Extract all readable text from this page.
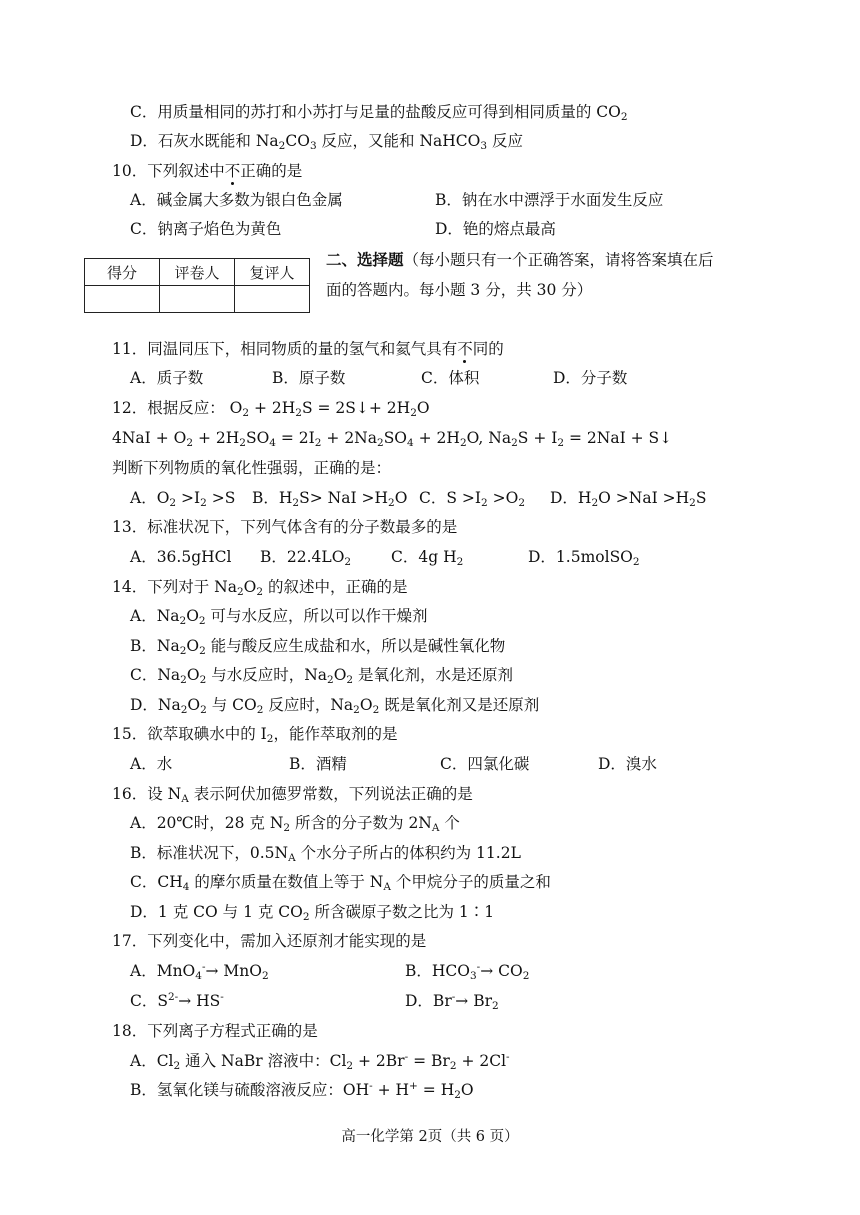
C．用质量相同的苏打和小苏打与足量的盐酸反应可得到相同质量的 $CO_2$
D．石灰水既能和 $Na_2CO_3$ 反应，又能和 NaHCO$_3$ 反应
10．下列叙述中不正确的是
A．碱金属大多数为银白色金属	B．钠在水中漂浮于水面发生反应
C．钠离子焰色为黄色	D．铯的熔点最高
得分	评卷人	复评人

二、选择题（每小题只有一个正确答案，请将答案填在后
面的答题内。每小题 3 分，共 30 分）
11．同温同压下，相同物质的量的氢气和氦气具有不同的
A．质子数	B．原子数	C．体积	D．分子数
12．根据反应： $O_2 + 2H_2S$ = 2S↓+ $2H_2O$
$4NaI + O_2 + 2H_2SO_4 = 2I_2 + 2Na_2SO_4 + 2H_2O$, $Na_2S + I_2 = 2NaI$ + S↓
判断下列物质的氧化性强弱，正确的是：
A．$O_2 >I_2 >S$ B．$H_2S>$ NaI $>H_2O$ C．$S >I_2 >O_2$ D．$H_2O >NaI >H_2S$
13．标准状况下，下列气体含有的分子数最多的是
A．36.5gHCl B．$22.4LO_2$	C．4g $H_2$	D．1.5molSO$_2$
14．下列对于 $Na_2O_2$ 的叙述中，正确的是
A．$Na_2O_2$ 可与水反应，所以可以作干燥剂
B．$Na_2O_2$ 能与酸反应生成盐和水，所以是碱性氧化物
C．$Na_2O_2$ 与水反应时，$Na_2O_2$ 是氧化剂，水是还原剂
D．$Na_2O_2$ 与 $CO_2$ 反应时，$Na_2O_2$ 既是氧化剂又是还原剂
15．欲萃取碘水中的 $I_2$，能作萃取剂的是
A．水	B．酒精	C．四氯化碳	D．溴水
16．设 $N_A$ 表示阿伏加德罗常数，下列说法正确的是
A．20℃时，28 克 $N_2$ 所含的分子数为 $2N_A$ 个
B．标准状况下，$0.5N_A$ 个水分子所占的体积约为 11.2L
C．$CH_4$ 的摩尔质量在数值上等于 $N_A$ 个甲烷分子的质量之和
D．1 克 CO 与 1 克 $CO_2$ 所含碳原子数之比为 1∶1
17．下列变化中，需加入还原剂才能实现的是
A．MnO$_4$-→ MnO$_2$	B．$HCO_3^-\to CO_2$
C．$S^{2-}\to HS^-$	D．$Br^-\to Br_2$
18．下列离子方程式正确的是
A．$Cl_2$ 通入 NaBr 溶液中：$Cl_2 + 2Br^- = Br_2 + 2Cl^-$
B．氢氧化镁与硫酸溶液反应：$OH^- + H^+ = H_2O$
高一化学第 2页（共 6 页）
